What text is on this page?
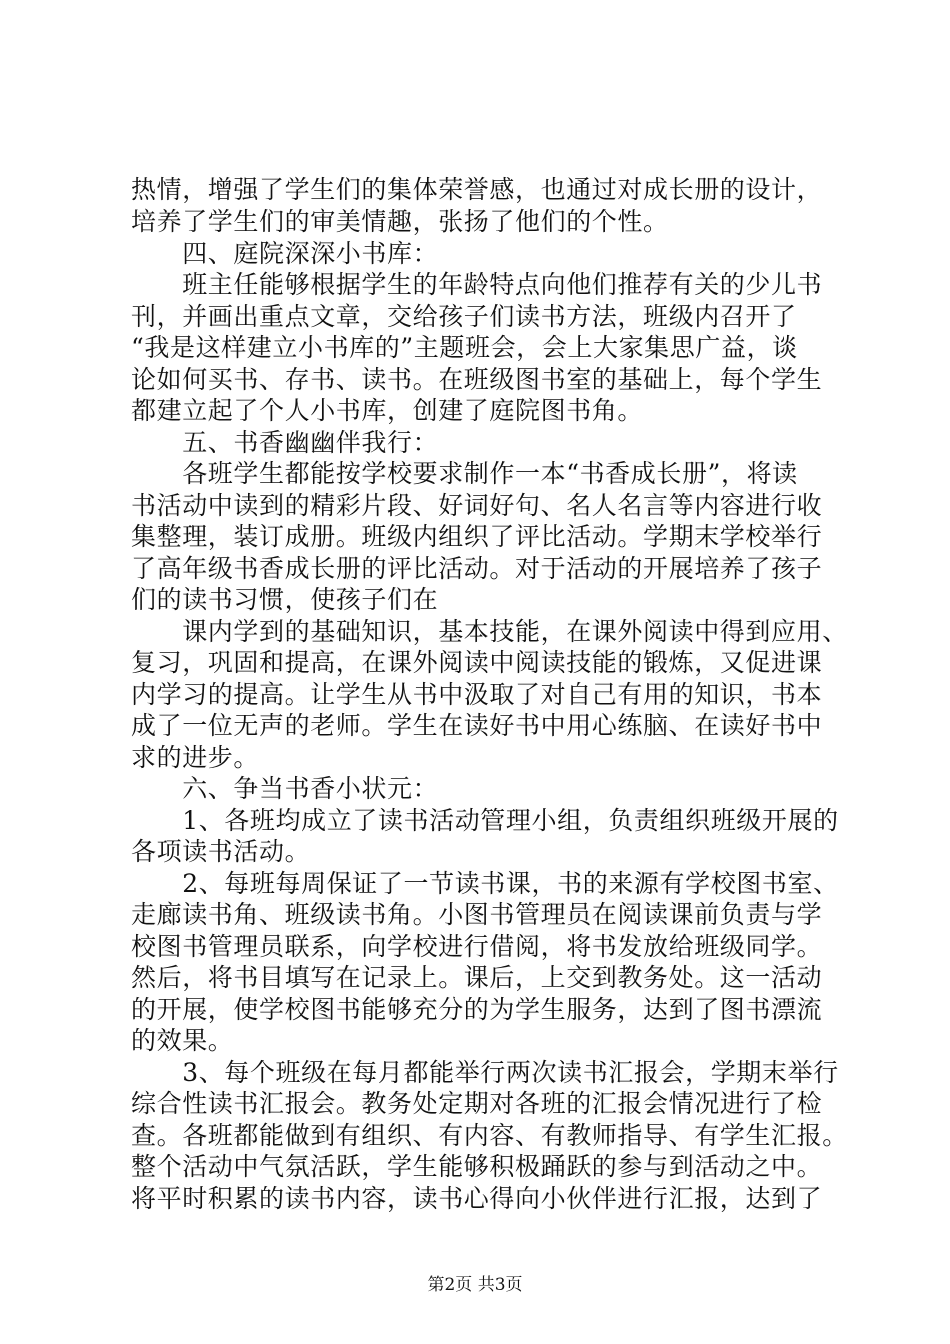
热情，增强了学生们的集体荣誉感，也通过对成长册的设计，
培养了学生们的审美情趣，张扬了他们的个性。
　　四、庭院深深小书库：
　　班主任能够根据学生的年龄特点向他们推荐有关的少儿书
刊，并画出重点文章，交给孩子们读书方法，班级内召开了
“我是这样建立小书库的”主题班会，会上大家集思广益，谈
论如何买书、存书、读书。在班级图书室的基础上，每个学生
都建立起了个人小书库，创建了庭院图书角。
　　五、书香幽幽伴我行：
　　各班学生都能按学校要求制作一本“书香成长册”，将读
书活动中读到的精彩片段、好词好句、名人名言等内容进行收
集整理，装订成册。班级内组织了评比活动。学期末学校举行
了高年级书香成长册的评比活动。对于活动的开展培养了孩子
们的读书习惯，使孩子们在
　　课内学到的基础知识，基本技能，在课外阅读中得到应用、
复习，巩固和提高，在课外阅读中阅读技能的锻炼，又促进课
内学习的提高。让学生从书中汲取了对自己有用的知识，书本
成了一位无声的老师。学生在读好书中用心练脑、在读好书中
求的进步。
　　六、争当书香小状元：
　　1、各班均成立了读书活动管理小组，负责组织班级开展的
各项读书活动。
　　2、每班每周保证了一节读书课，书的来源有学校图书室、
走廊读书角、班级读书角。小图书管理员在阅读课前负责与学
校图书管理员联系，向学校进行借阅，将书发放给班级同学。
然后，将书目填写在记录上。课后，上交到教务处。这一活动
的开展，使学校图书能够充分的为学生服务，达到了图书漂流
的效果。
　　3、每个班级在每月都能举行两次读书汇报会，学期末举行
综合性读书汇报会。教务处定期对各班的汇报会情况进行了检
查。各班都能做到有组织、有内容、有教师指导、有学生汇报。
整个活动中气氛活跃，学生能够积极踊跃的参与到活动之中。
将平时积累的读书内容，读书心得向小伙伴进行汇报，达到了
第2页 共3页
